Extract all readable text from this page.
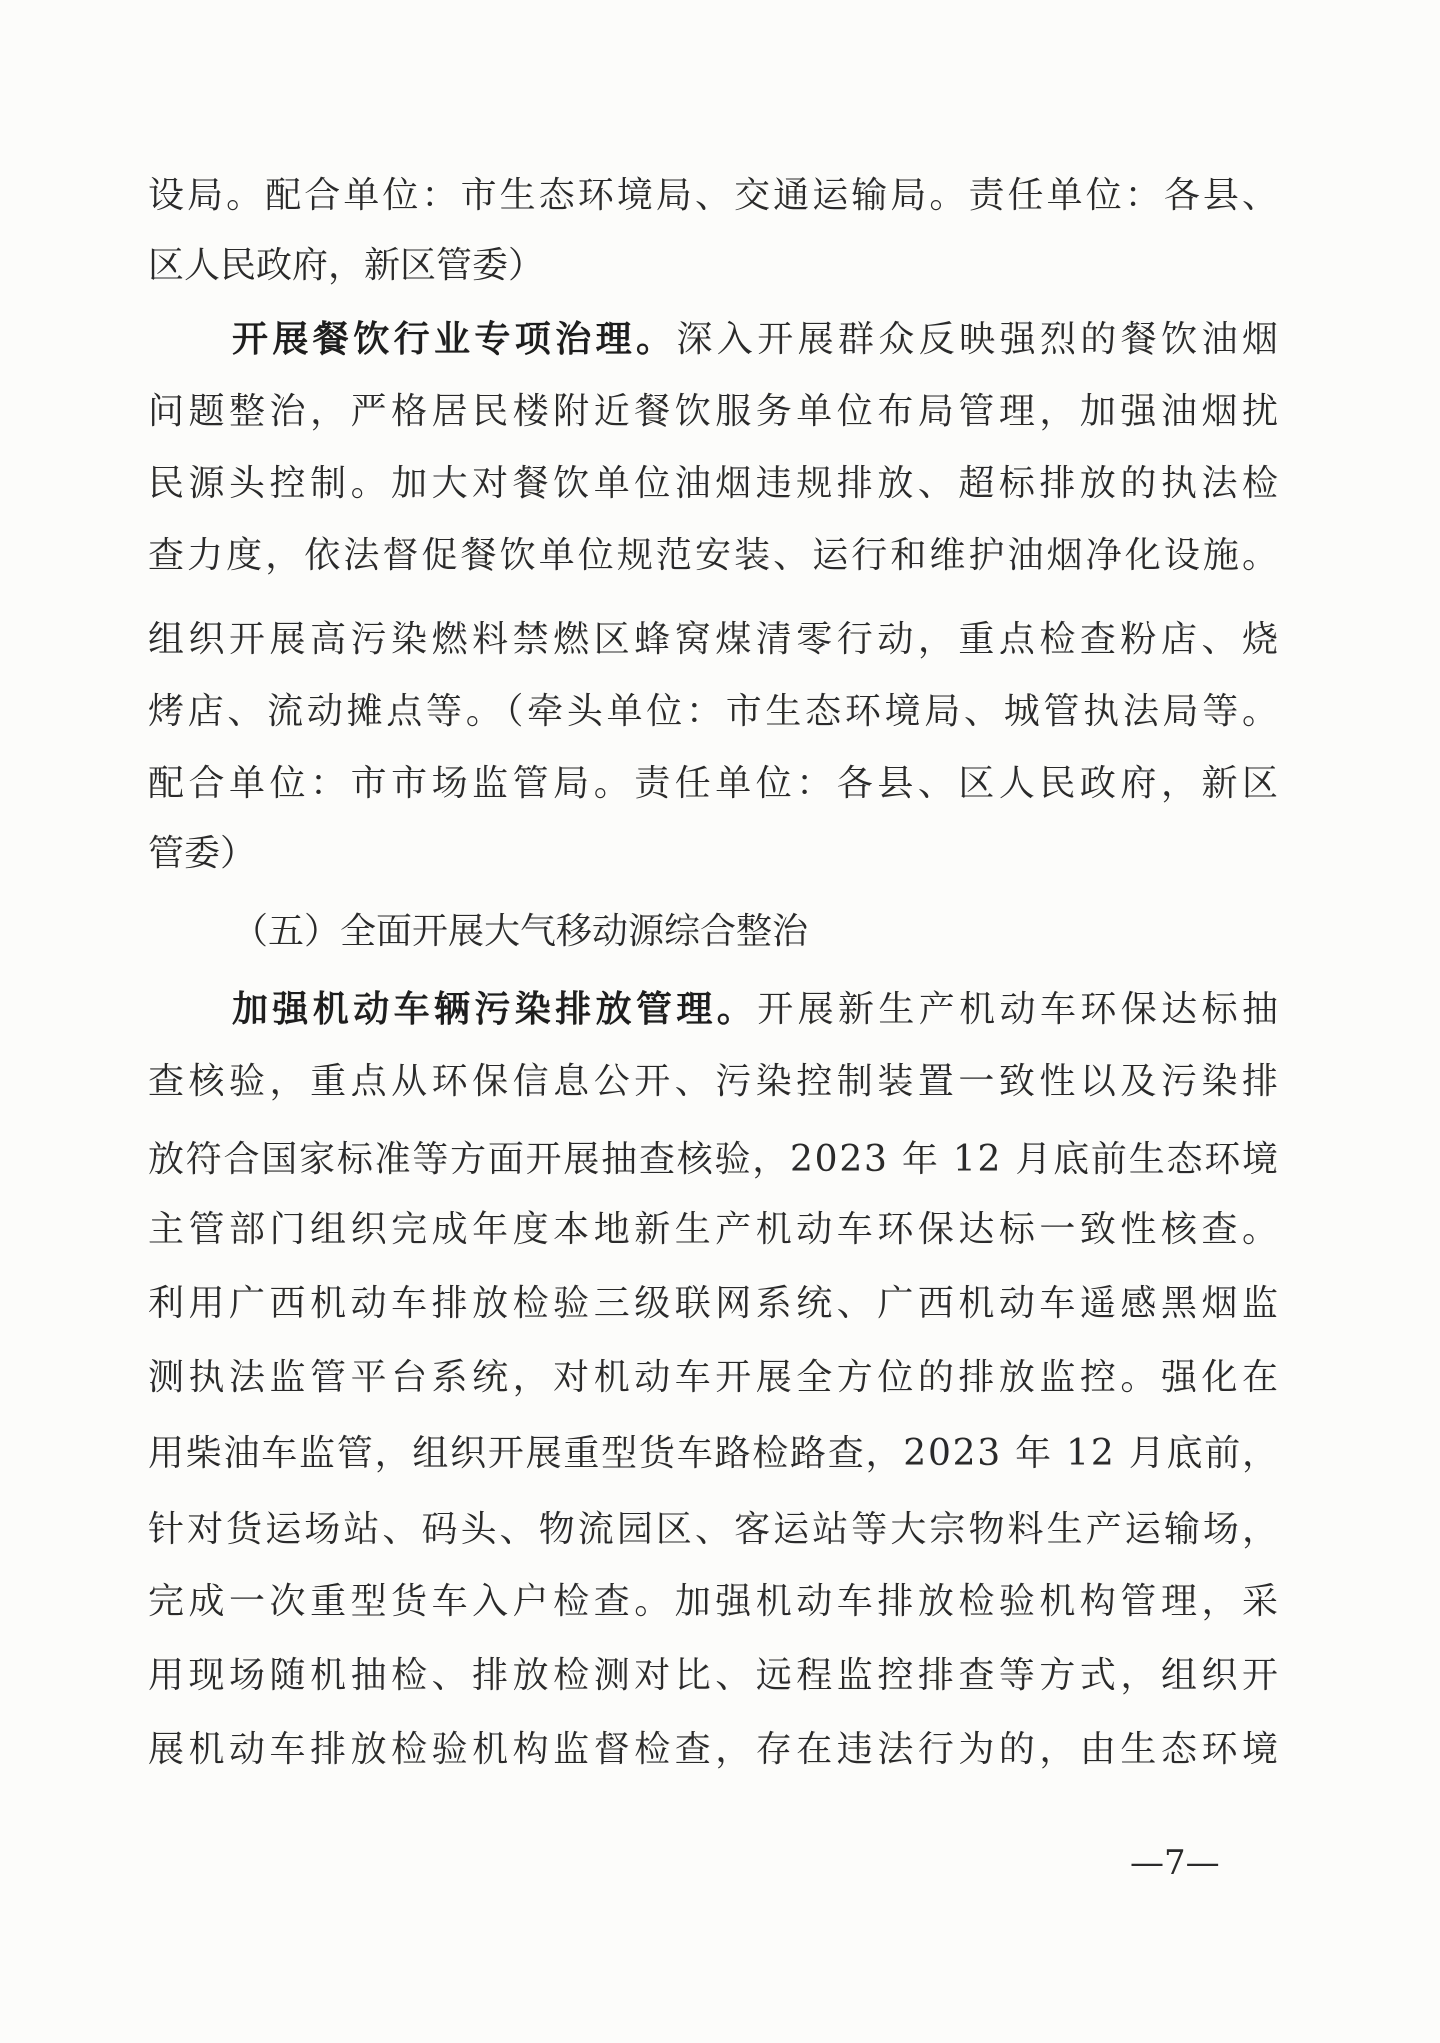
设局。配合单位：市生态环境局、交通运输局。责任单位：各县、
区人民政府，新区管委）
开展餐饮行业专项治理。深入开展群众反映强烈的餐饮油烟
问题整治，严格居民楼附近餐饮服务单位布局管理，加强油烟扰
民源头控制。加大对餐饮单位油烟违规排放、超标排放的执法检
查力度，依法督促餐饮单位规范安装、运行和维护油烟净化设施。
组织开展高污染燃料禁燃区蜂窝煤清零行动，重点检查粉店、烧
烤店、流动摊点等。（牵头单位：市生态环境局、城管执法局等。
配合单位：市市场监管局。责任单位：各县、区人民政府，新区
管委）
（五）全面开展大气移动源综合整治
加强机动车辆污染排放管理。开展新生产机动车环保达标抽
查核验，重点从环保信息公开、污染控制装置一致性以及污染排
放符合国家标准等方面开展抽查核验，2023 年 12 月底前生态环境
主管部门组织完成年度本地新生产机动车环保达标一致性核查。
利用广西机动车排放检验三级联网系统、广西机动车遥感黑烟监
测执法监管平台系统，对机动车开展全方位的排放监控。强化在
用柴油车监管，组织开展重型货车路检路查，2023 年 12 月底前，
针对货运场站、码头、物流园区、客运站等大宗物料生产运输场，
完成一次重型货车入户检查。加强机动车排放检验机构管理，采
用现场随机抽检、排放检测对比、远程监控排查等方式，组织开
展机动车排放检验机构监督检查，存在违法行为的，由生态环境
—7—
